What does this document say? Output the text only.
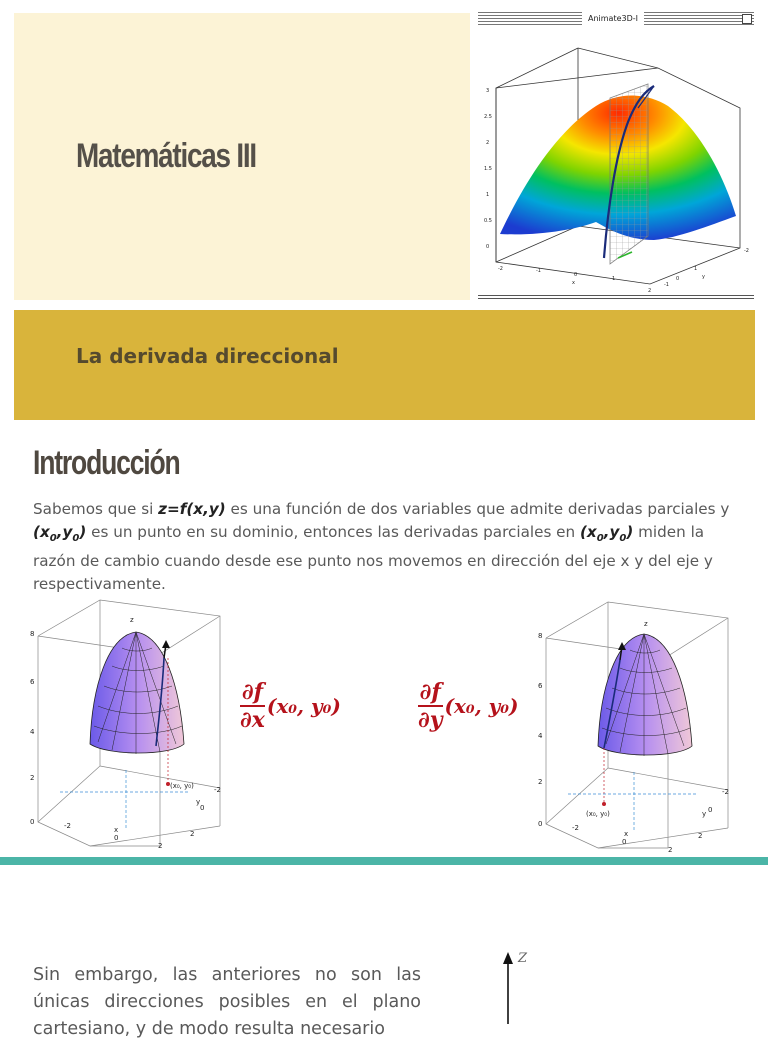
Matemáticas III
Animate3D-I
3
2.5
2
1.5
1
0.5
0
-2	-1
0
x
1
2
-2
1
y
0
-1
La derivada direccional
Introducción
Sabemos que si z=f(x,y) es una función de dos variables que admite derivadas parciales y $(x_0,y_0)$ es un punto en su dominio, entonces las derivadas parciales en $(x_0,y_0)$ miden la razón de cambio cuando desde ese punto nos movemos en dirección del eje x y del eje y respectivamente.
z
8
6
4
2
0	-2
0
x
2
2
0
y
-2
(x₀, y₀)
$\frac{\partial f}{\partial x} (x_0$, y₀)	$\frac{\partial f}{\partial y} (x_0$, y₀)
z
8
6
4
2
0	-2
0
x
2
2
0
y
-2
(x₀, y₀)
Sin embargo, las anteriores no son las únicas direcciones posibles en el plano cartesiano, y de modo resulta necesario
Z
